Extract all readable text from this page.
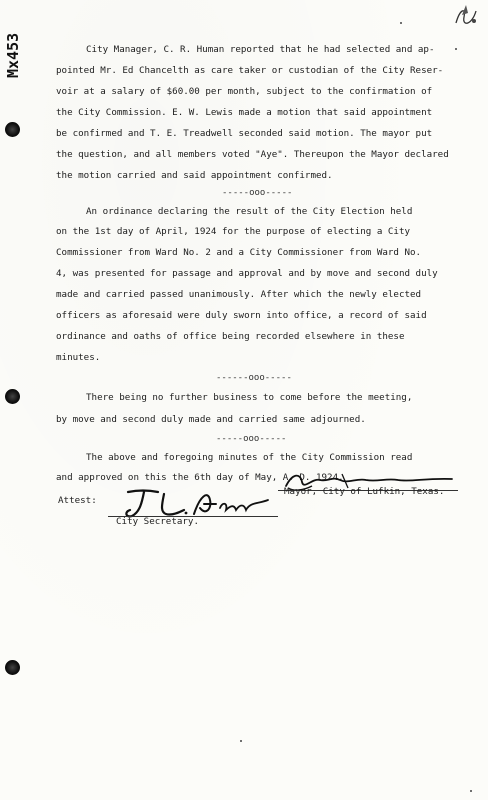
Mx453	City Manager, C. R. Human reported that he had selected and ap-
pointed Mr. Ed Chancelth as care taker or custodian of the City Reser-
voir at a salary of $60.00 per month, subject to the confirmation of
the City Commission. E. W. Lewis made a motion that said appointment
be confirmed and T. E. Treadwell seconded said motion. The mayor put
the question, and all members voted "Aye". Thereupon the Mayor declared
the motion carried and said appointment confirmed.
-----ooo-----
An ordinance declaring the result of the City Election held
on the 1st day of April, 1924 for the purpose of electing a City
Commissioner from Ward No. 2 and a City Commissioner from Ward No.
4, was presented for passage and approval and by move and second duly
made and carried passed unanimously. After which the newly elected
officers as aforesaid were duly sworn into office, a record of said
ordinance and oaths of office being recorded elsewhere in these
minutes.
------ooo-----
There being no further business to come before the meeting,
by move and second duly made and carried same adjourned.
-----ooo-----
The above and foregoing minutes of the City Commission read
and approved on this the 6th day of May, A. D. 1924.
Attest:
Mayor, City of Lufkin, Texas.
City Secretary.
